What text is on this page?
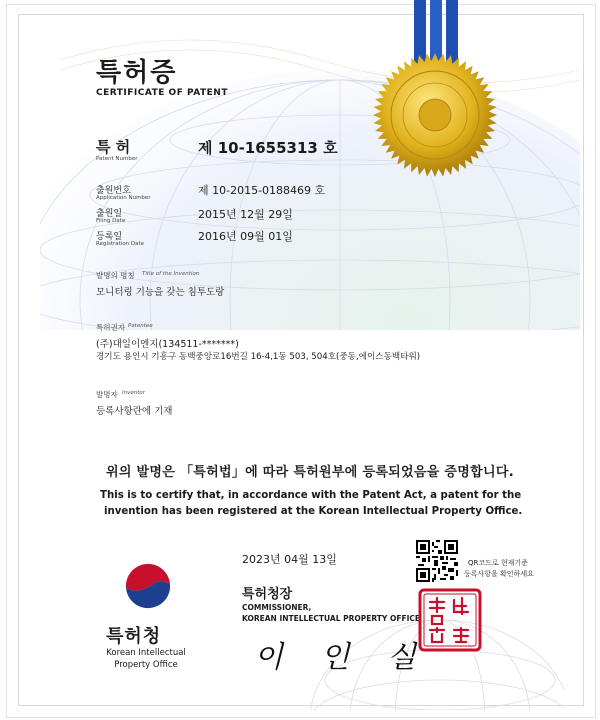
특허증
CERTIFICATE OF PATENT
특 허
Patent Number
제 10-1655313 호
출원번호
Application Number
제 10-2015-0188469 호
출원일
Filing Date	2015년 12월 29일
등록일
Registration Date
2016년 09월 01일
발명의 명칭 Title of the Invention
모니터링 기능을 갖는 침투도랑
특허권자 Patentee
(주)대일이엔지(134511-*******)
경기도 용인시 기흥구 동백중앙로16번길 16-4,1동 503, 504호(중동,에이스동백타워)
발명자 Inventor
등록사항란에 기재
위의 발명은 「특허법」에 따라 특허원부에 등록되었음을 증명합니다.
This is to certify that, in accordance with the Patent Act, a patent for the
invention has been registered at the Korean Intellectual Property Office.
2023년 04월 13일
특허청장
COMMISSIONER,
KOREAN INTELLECTUAL PROPERTY OFFICE
이 인 실
특허청
Korean Intellectual
Property Office
QR코드로 현재기준
등록사항을 확인하세요
